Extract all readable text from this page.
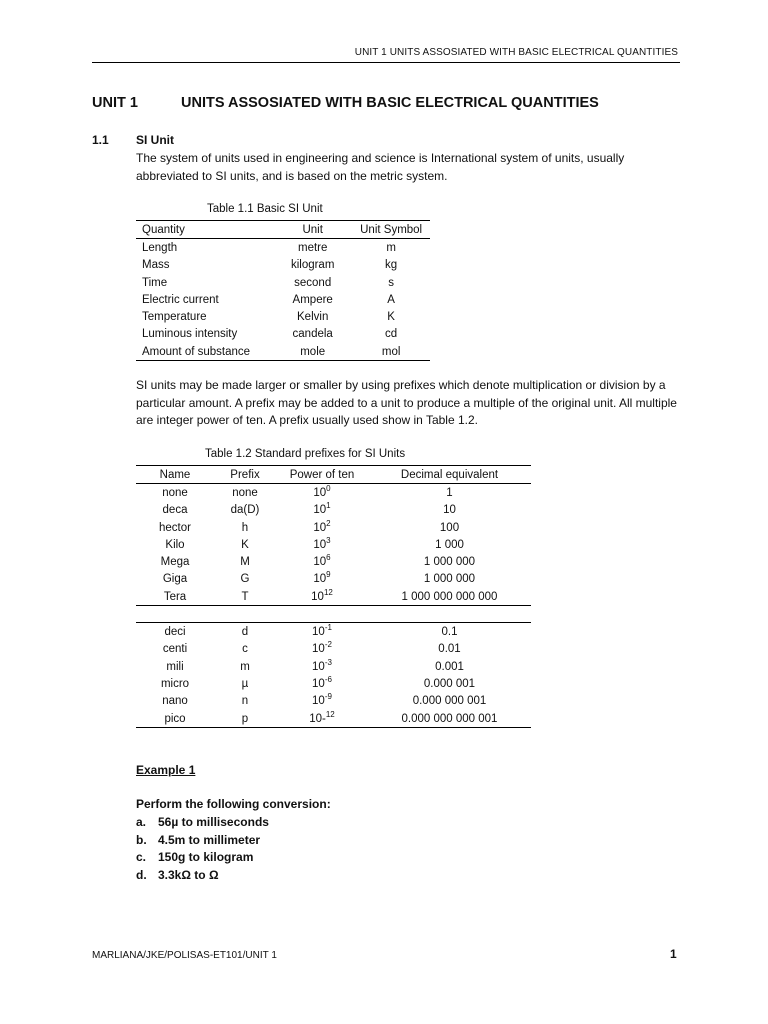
UNIT 1 UNITS ASSOSIATED WITH BASIC ELECTRICAL QUANTITIES
UNIT 1	UNITS ASSOSIATED WITH BASIC ELECTRICAL QUANTITIES
1.1 SI Unit
The system of units used in engineering and science is International system of units, usually abbreviated to SI units, and is based on the metric system.
Table 1.1 Basic SI Unit
Quantity	Unit	Unit Symbol
Length	metre	m
Mass	kilogram	kg
Time	second	s
Electric current	Ampere	A
Temperature	Kelvin	K
Luminous intensity	candela	cd
Amount of substance	mole	mol
SI units may be made larger or smaller by using prefixes which denote multiplication or division by a particular amount. A prefix may be added to a unit to produce a multiple of the original unit. All multiple are integer power of ten. A prefix usually used show in Table 1.2.
Table 1.2 Standard prefixes for SI Units
Name	Prefix	Power of ten	Decimal equivalent
none	none	$10^0$	1
deca	da(D)	$10^1$	10
hector	h	$10^2$	100
Kilo	K	$10^3$	1 000
Mega	M	$10^6$	1 000 000
Giga	G	$10^9$	1 000 000
Tera	T	$10^{12}$	1 000 000 000 000

deci	d	$10^{-1}$	0.1
centi	c	$10^{-2}$	0.01
mili	m	$10^{-3}$	0.001
micro	µ	$10^{-6}$	0.000 001
nano	n	$10^{-9}$	0.000 000 001
pico	p	10-$^{12}$	0.000 000 000 001
Example 1
Perform the following conversion:
a. 56µ to milliseconds
b. 4.5m to millimeter
c. 150g to kilogram
d. 3.3kΩ to Ω
MARLIANA/JKE/POLISAS-ET101/UNIT 1	1
